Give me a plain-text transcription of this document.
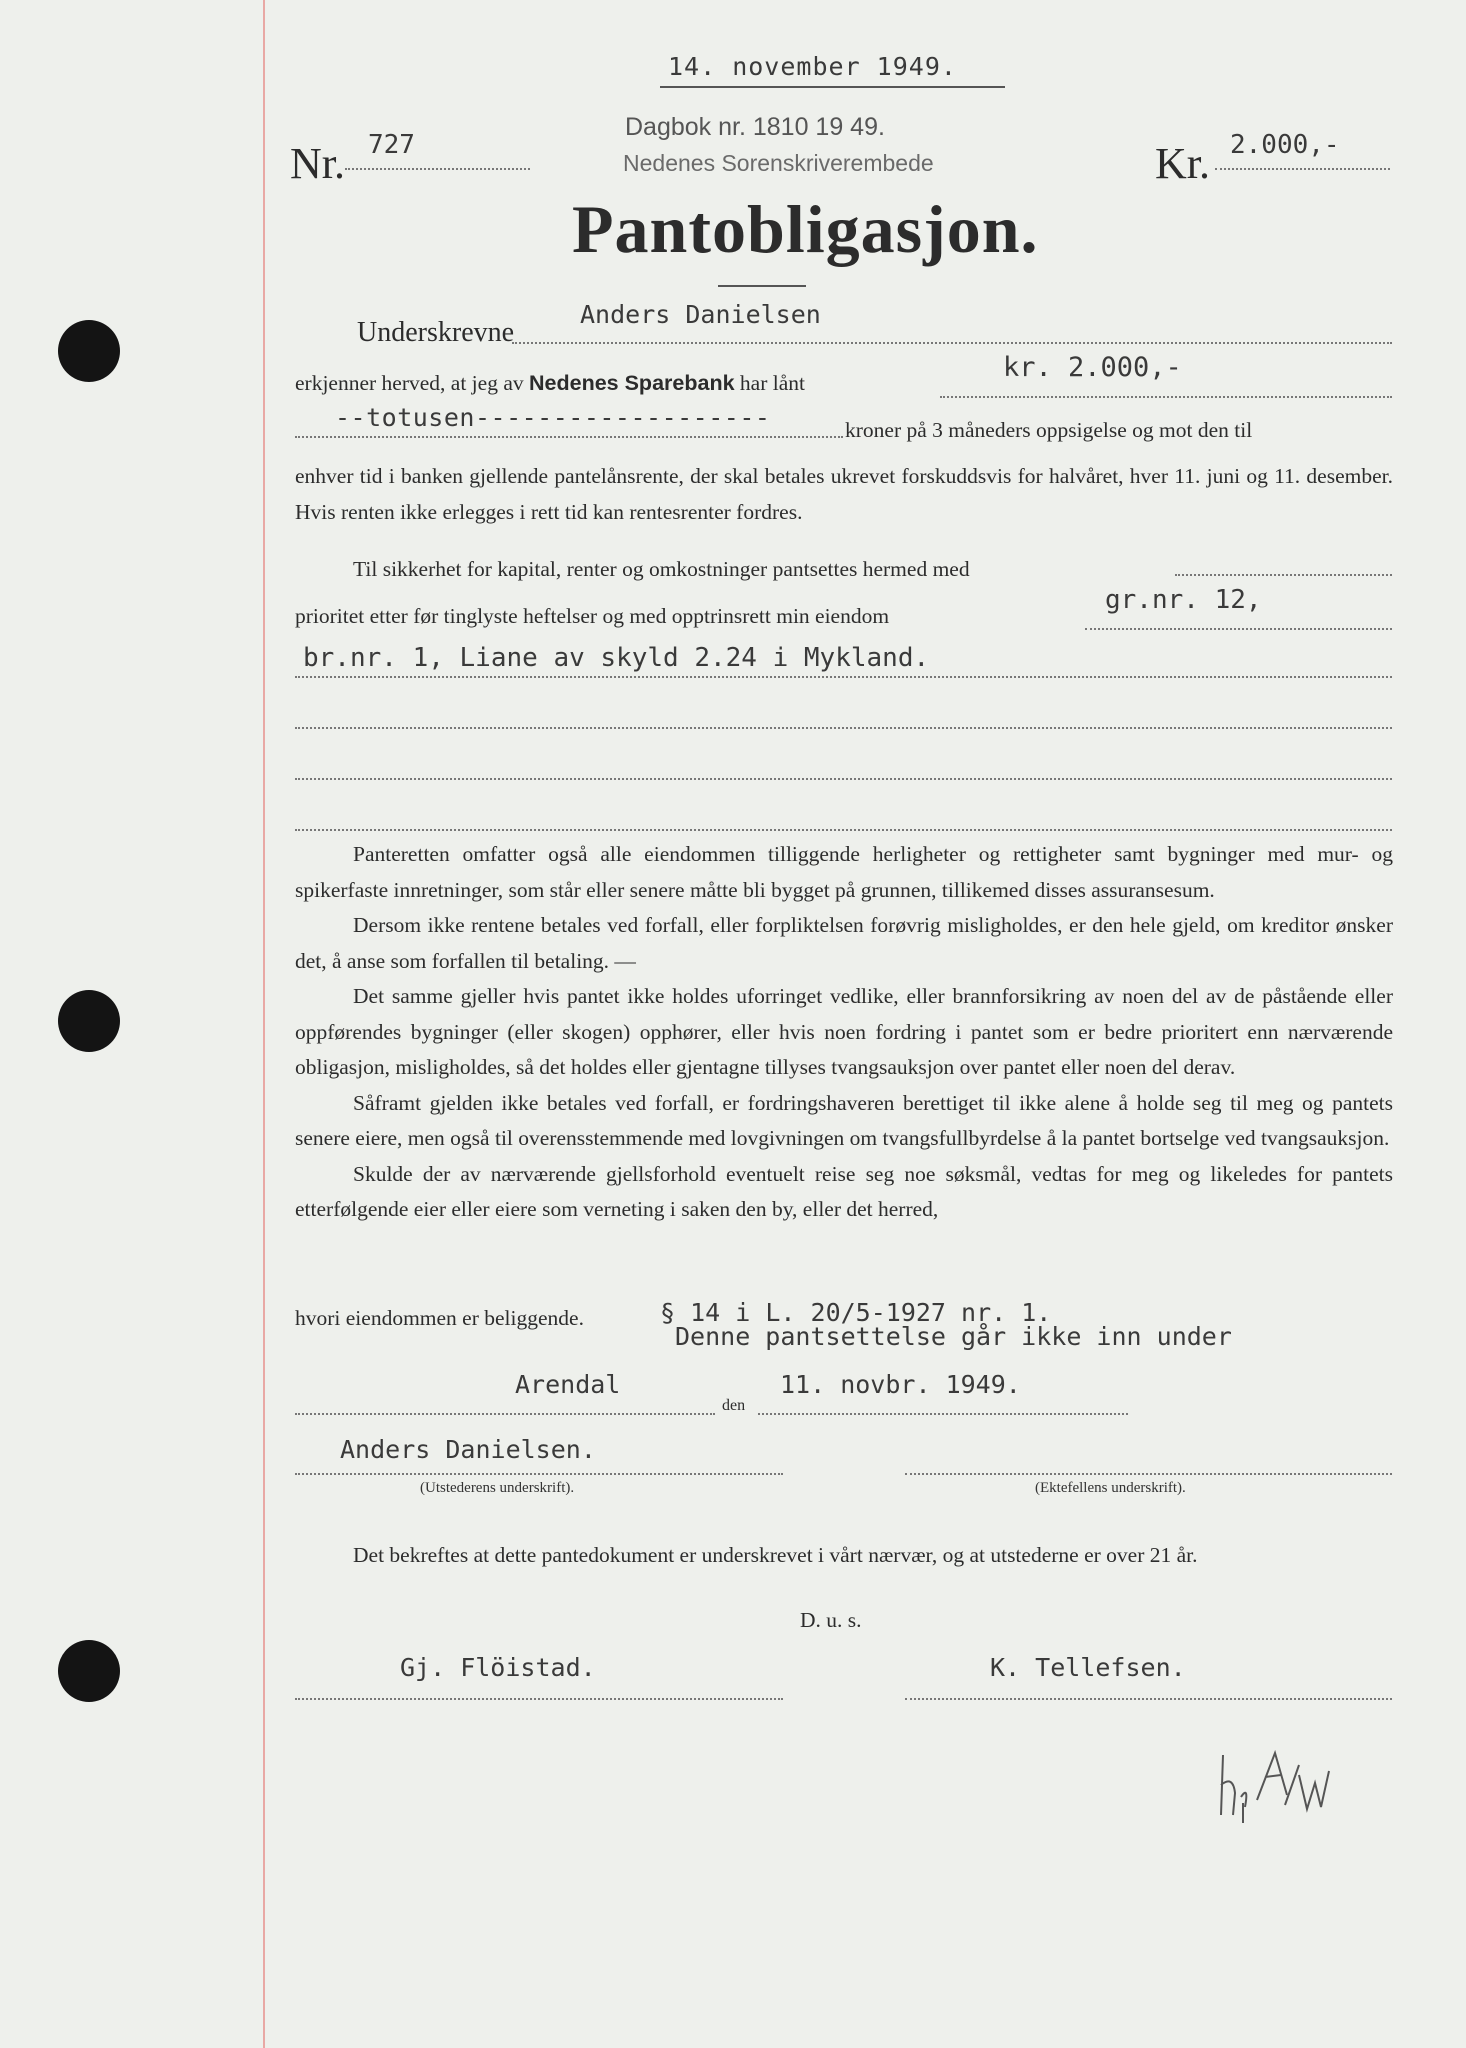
14. november 1949.
Nr. 727
Dagbok nr. 1810 19 49.
Nedenes Sorenskriverembede	Kr. 2.000,-
Pantobligasjon.
Underskrevne
Anders Danielsen
erkjenner herved, at jeg av Nedenes Sparebank har lånt	kr. 2.000,-
--totusen-------------------	kroner på 3 måneders oppsigelse og mot den til

enhver tid i banken gjellende pantelånsrente, der skal betales ukrevet forskuddsvis for halvåret, hver 11. juni og 11. desember. Hvis renten ikke erlegges i rett tid kan rentesrenter fordres.

Til sikkerhet for kapital, renter og omkostninger pantsettes hermed med
prioritet etter før tinglyste heftelser og med opptrinsrett min eiendom
gr.nr. 12,
br.nr. 1, Liane av skyld 2.24 i Mykland.

Panteretten omfatter også alle eiendommen tilliggende herligheter og rettigheter samt bygninger med mur- og spikerfaste innretninger, som står eller senere måtte bli bygget på grunnen, tillikemed disses assuransesum.

Dersom ikke rentene betales ved forfall, eller forpliktelsen forøvrig misligholdes, er den hele gjeld, om kreditor ønsker det, å anse som forfallen til betaling. —

Det samme gjeller hvis pantet ikke holdes uforringet vedlike, eller brannforsikring av noen del av de påstående eller oppførendes bygninger (eller skogen) opphører, eller hvis noen fordring i pantet som er bedre prioritert enn nærværende obligasjon, misligholdes, så det holdes eller gjentagne tillyses tvangsauksjon over pantet eller noen del derav.

Såframt gjelden ikke betales ved forfall, er fordringshaveren berettiget til ikke alene å holde seg til meg og pantets senere eiere, men også til overensstemmende med lovgivningen om tvangsfullbyrdelse å la pantet bortselge ved tvangsauksjon.

Skulde der av nærværende gjellsforhold eventuelt reise seg noe søksmål, vedtas for meg og likeledes for pantets etterfølgende eier eller eiere som verneting i saken den by, eller det herred,

hvori eiendommen er beliggende.
Denne pantsettelse går ikke inn under
§ 14 i L. 20/5-1927 nr. 1.
Arendal
den
11. novbr. 1949.
Anders Danielsen.
(Utstederens underskrift).	(Ektefellens underskrift).

Det bekreftes at dette pantedokument er underskrevet i vårt nærvær, og at utstederne er over 21 år.

D. u. s.
Gj. Flöistad.	K. Tellefsen.
